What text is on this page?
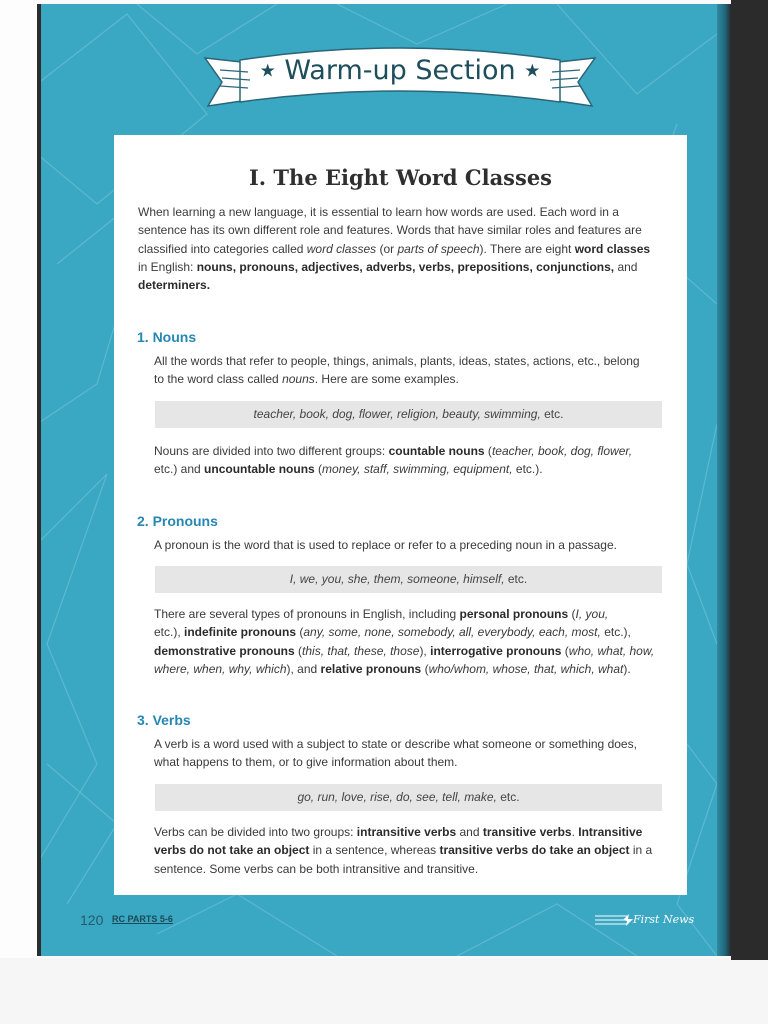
★ Warm-up Section ★
I. The Eight Word Classes
When learning a new language, it is essential to learn how words are used. Each word in a
sentence has its own different role and features. Words that have similar roles and features are
classified into categories called word classes (or parts of speech). There are eight word classes
in English: nouns, pronouns, adjectives, adverbs, verbs, prepositions, conjunctions, and
determiners.
1. Nouns
All the words that refer to people, things, animals, plants, ideas, states, actions, etc., belong
to the word class called nouns. Here are some examples.
teacher, book, dog, flower, religion, beauty, swimming, etc.
Nouns are divided into two different groups: countable nouns (teacher, book, dog, flower,
etc.) and uncountable nouns (money, staff, swimming, equipment, etc.).
2. Pronouns
A pronoun is the word that is used to replace or refer to a preceding noun in a passage.
I, we, you, she, them, someone, himself, etc.
There are several types of pronouns in English, including personal pronouns (I, you,
etc.), indefinite pronouns (any, some, none, somebody, all, everybody, each, most, etc.),
demonstrative pronouns (this, that, these, those), interrogative pronouns (who, what, how,
where, when, why, which), and relative pronouns (who/whom, whose, that, which, what).
3. Verbs
A verb is a word used with a subject to state or describe what someone or something does,
what happens to them, or to give information about them.
go, run, love, rise, do, see, tell, make, etc.
Verbs can be divided into two groups: intransitive verbs and transitive verbs. Intransitive
verbs do not take an object in a sentence, whereas transitive verbs do take an object in a
sentence. Some verbs can be both intransitive and transitive.
120 RC PARTS 5-6	First News
